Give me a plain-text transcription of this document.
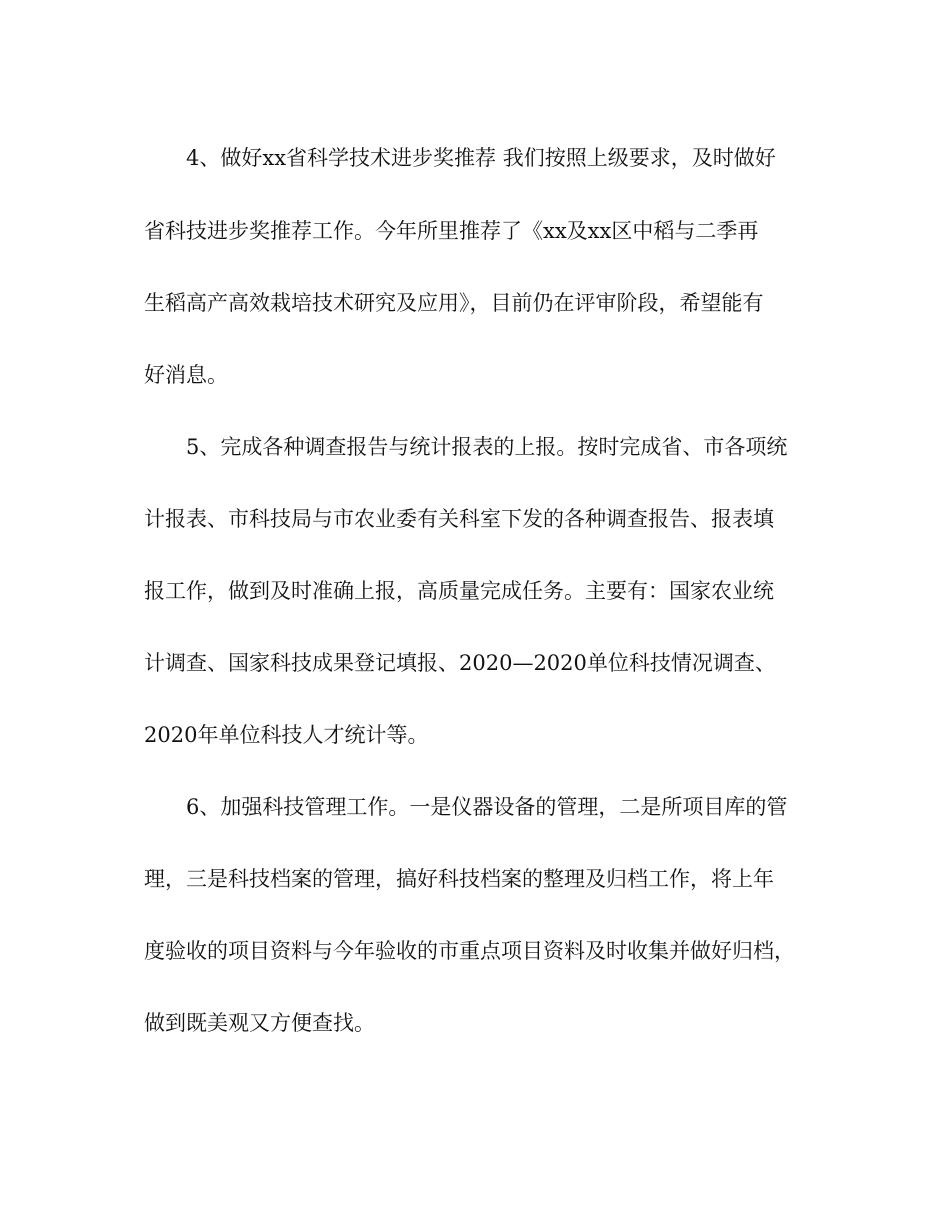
4、做好xx省科学技术进步奖推荐 我们按照上级要求，及时做好
省科技进步奖推荐工作。今年所里推荐了《xx及xx区中稻与二季再
生稻高产高效栽培技术研究及应用》，目前仍在评审阶段，希望能有
好消息。
5、完成各种调查报告与统计报表的上报。按时完成省、市各项统
计报表、市科技局与市农业委有关科室下发的各种调查报告、报表填
报工作，做到及时准确上报，高质量完成任务。主要有：国家农业统
计调查、国家科技成果登记填报、2020—2020单位科技情况调查、
2020年单位科技人才统计等。
6、加强科技管理工作。一是仪器设备的管理，二是所项目库的管
理，三是科技档案的管理，搞好科技档案的整理及归档工作，将上年
度验收的项目资料与今年验收的市重点项目资料及时收集并做好归档，
做到既美观又方便查找。
